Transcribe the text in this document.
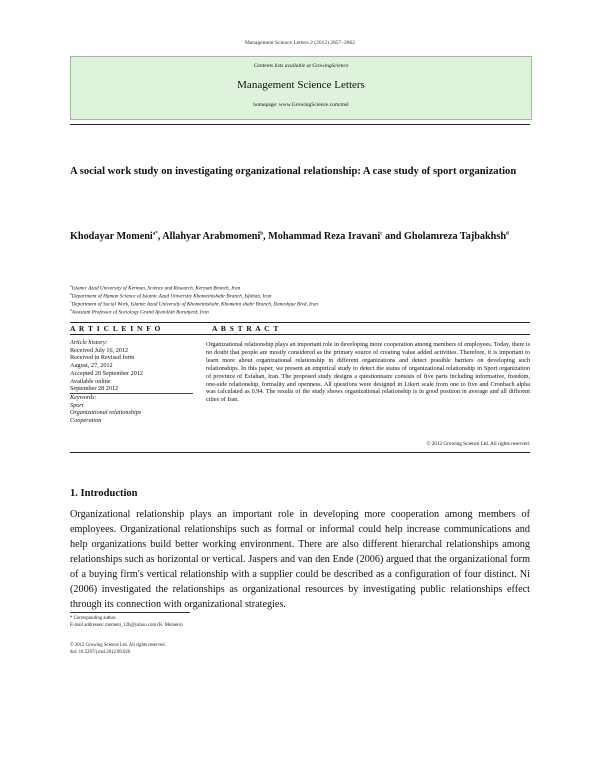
Management Science Letters 2 (2012) 2857–2862
Contents lists available at GrowingScience
Management Science Letters
homepage: www.GrowingScience.com/msl
A social work study on investigating organizational relationship: A case study of sport organization
Khodayar Momeni$^{a*}$, Allahyar Arabmomeni$^b$, Mohammad Reza Iravani$^c$ and Gholamreza Tajbakhsh$^d$
$^a$Islamic Azad University of Kerman, Science and Research, Kerman Branch, Iran
$^b$Department of Human Science of Islamic Azad University Khomeinishahr Branch, Isfahan, Iran
$^c$Department of Social Work, Islamic Azad University of Khomeinishahr, Khomeini shahr Branch, Daneshjue Blvd, Iran
$^d$Assistant Professor of Sociology Grand Ayatollah Borunjerd, Iran
A R T I C L E I N F O	A B S T R A C T
Article history:
Received July 16, 2012
Received in Revised form
August, 27, 2012
Accepted 20 September 2012
Available online
September 28 2012
Keywords:
Sport
Organizational relationships
Cooperation
Organizational relationship plays an important role in developing more cooperation among members of employees. Today, there is no doubt that people are mostly considered as the primary source of creating value added activities. Therefore, it is important to learn more about organizational relationship in different organizations and detect possible barriers on developing such relationships. In this paper, we present an empirical study to detect the status of organizational relationship in Sport organization of province of Esfahan, Iran. The proposed study designs a questionnaire consists of five parts including informative, freedom, one-side relationship, formality and openness. All questions were designed in Likert scale from one to five and Cronbach alpha was calculated as 0.94. The results of the study shows organizational relationship is in good position in average and all different cities of Iran.
© 2012 Growing Science Ltd. All rights reserved.
1. Introduction
Organizational relationship plays an important role in developing more cooperation among members of employees. Organizational relationships such as formal or informal could help increase communications and help organizations build better working environment. There are also different hierarchal relationships among relationships such as horizontal or vertical. Jaspers and van den Ende (2006) argued that the organizational form of a buying firm's vertical relationship with a supplier could be described as a configuration of four distinct. Ni (2006) investigated the relationships as organizational resources by investigating public relationships effect through its connection with organizational strategies.
* Corresponding author.
E-mail addresses: momeni_12h@yahoo.com (K. Momeni)
© 2012 Growing Science Ltd. All rights reserved.
doi: 10.5267/j.msl.2012.09.026
